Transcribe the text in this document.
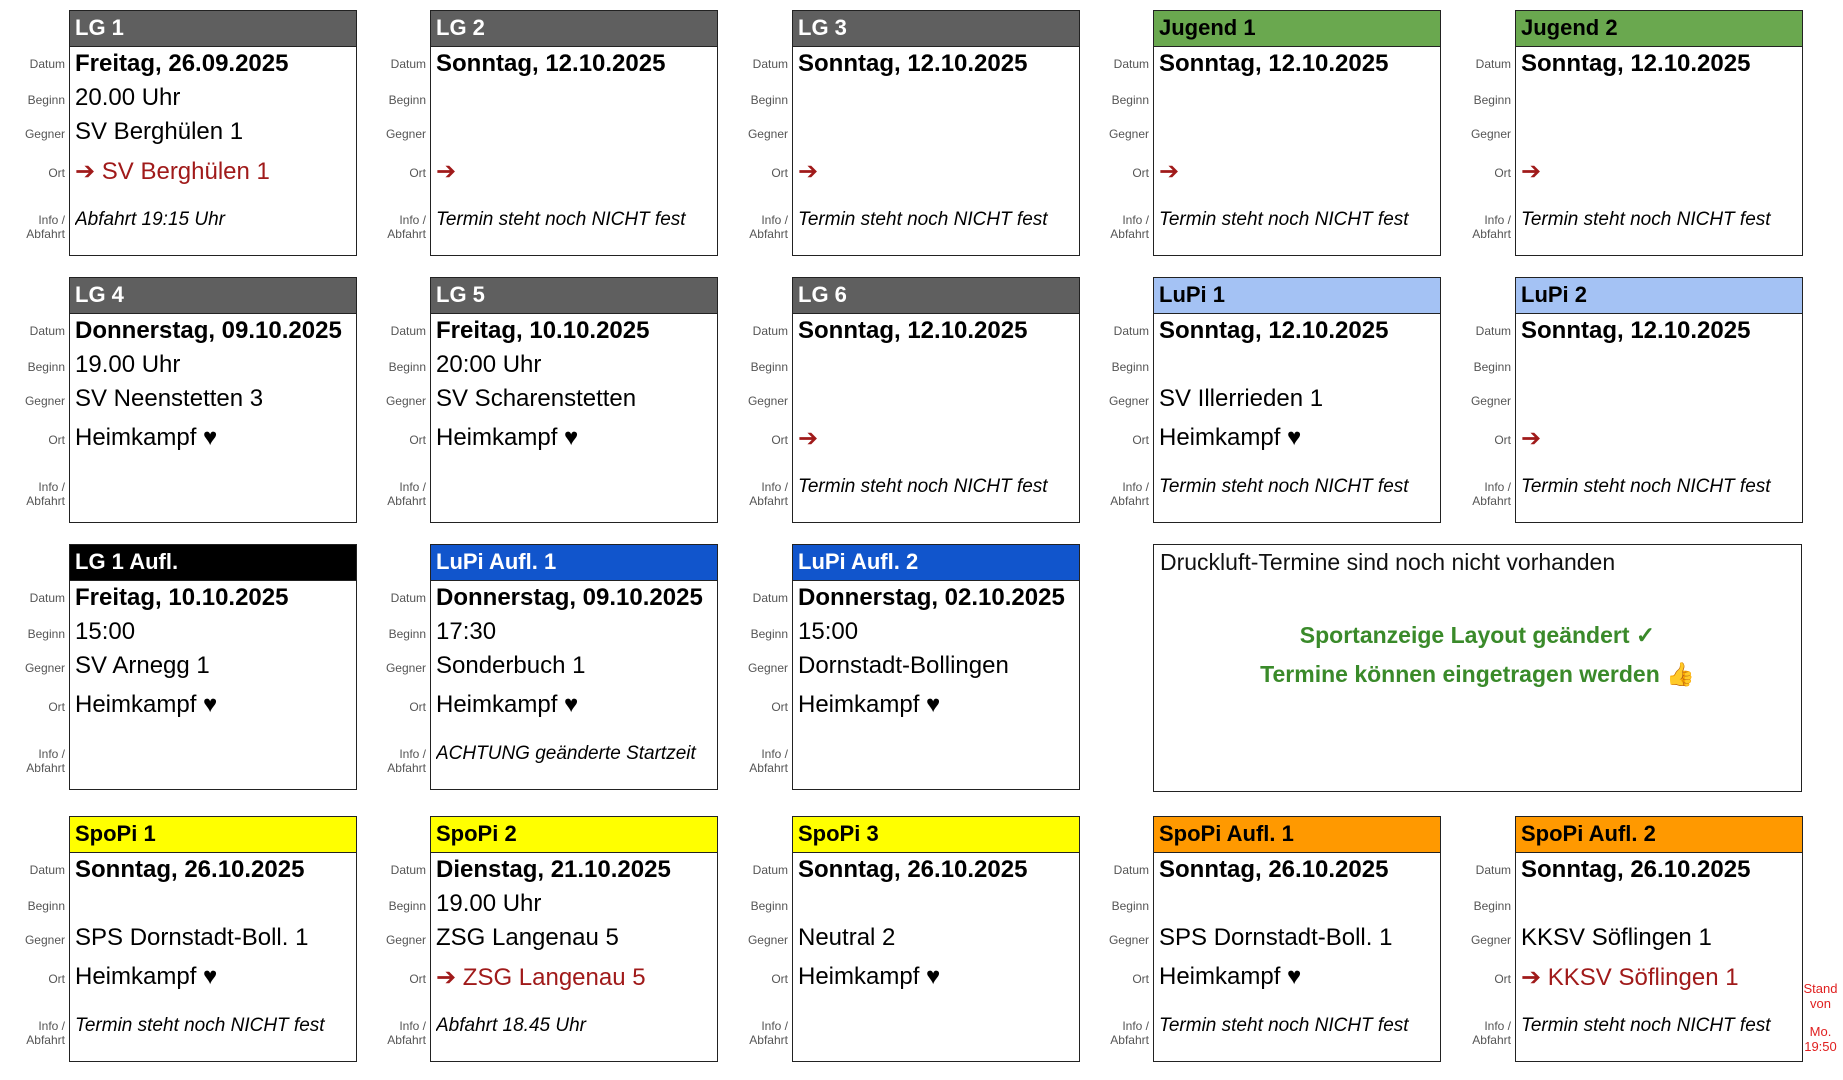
Datum
Beginn
Gegner
Ort
Info /
Abfahrt
LG 1
Freitag, 26.09.2025
20.00 Uhr
SV Berghülen 1
➔ SV Berghülen 1
Abfahrt 19:15 Uhr
Datum
Beginn
Gegner
Ort
Info /
Abfahrt
LG 2
Sonntag, 12.10.2025
➔
Termin steht noch NICHT fest
Datum
Beginn
Gegner
Ort
Info /
Abfahrt
LG 3
Sonntag, 12.10.2025
➔
Termin steht noch NICHT fest
Datum
Beginn
Gegner
Ort
Info /
Abfahrt
Jugend 1
Sonntag, 12.10.2025
➔
Termin steht noch NICHT fest
Datum
Beginn
Gegner
Ort
Info /
Abfahrt
Jugend 2
Sonntag, 12.10.2025
➔
Termin steht noch NICHT fest
Datum
Beginn
Gegner
Ort
Info /
Abfahrt
LG 4
Donnerstag, 09.10.2025
19.00 Uhr
SV Neenstetten 3
Heimkampf ♥
Datum
Beginn
Gegner
Ort
Info /
Abfahrt
LG 5
Freitag, 10.10.2025
20:00 Uhr
SV Scharenstetten
Heimkampf ♥
Datum
Beginn
Gegner
Ort
Info /
Abfahrt
LG 6
Sonntag, 12.10.2025
➔
Termin steht noch NICHT fest
Datum
Beginn
Gegner
Ort
Info /
Abfahrt
LuPi 1
Sonntag, 12.10.2025
SV Illerrieden 1
Heimkampf ♥
Termin steht noch NICHT fest
Datum
Beginn
Gegner
Ort
Info /
Abfahrt
LuPi 2
Sonntag, 12.10.2025
➔
Termin steht noch NICHT fest
Datum
Beginn
Gegner
Ort
Info /
Abfahrt
LG 1 Aufl.
Freitag, 10.10.2025
15:00
SV Arnegg 1
Heimkampf ♥
Datum
Beginn
Gegner
Ort
Info /
Abfahrt
LuPi Aufl. 1
Donnerstag, 09.10.2025
17:30
Sonderbuch 1
Heimkampf ♥
ACHTUNG geänderte Startzeit
Datum
Beginn
Gegner
Ort
Info /
Abfahrt
LuPi Aufl. 2
Donnerstag, 02.10.2025
15:00
Dornstadt-Bollingen
Heimkampf ♥
Druckluft-Termine sind noch nicht vorhanden
Sportanzeige Layout geändert ✓
Termine können eingetragen werden 👍
Datum
Beginn
Gegner
Ort
Info /
Abfahrt
SpoPi 1
Sonntag, 26.10.2025
SPS Dornstadt-Boll. 1
Heimkampf ♥
Termin steht noch NICHT fest
Datum
Beginn
Gegner
Ort
Info /
Abfahrt
SpoPi 2
Dienstag, 21.10.2025
19.00 Uhr
ZSG Langenau 5
➔ ZSG Langenau 5
Abfahrt 18.45 Uhr
Datum
Beginn
Gegner
Ort
Info /
Abfahrt
SpoPi 3
Sonntag, 26.10.2025
Neutral 2
Heimkampf ♥
Datum
Beginn
Gegner
Ort
Info /
Abfahrt
SpoPi Aufl. 1
Sonntag, 26.10.2025
SPS Dornstadt-Boll. 1
Heimkampf ♥
Termin steht noch NICHT fest
Datum
Beginn
Gegner
Ort
Info /
Abfahrt
SpoPi Aufl. 2
Sonntag, 26.10.2025
KKSV Söflingen 1
➔ KKSV Söflingen 1
Termin steht noch NICHT fest
Stand
von
Mo.
19:50
